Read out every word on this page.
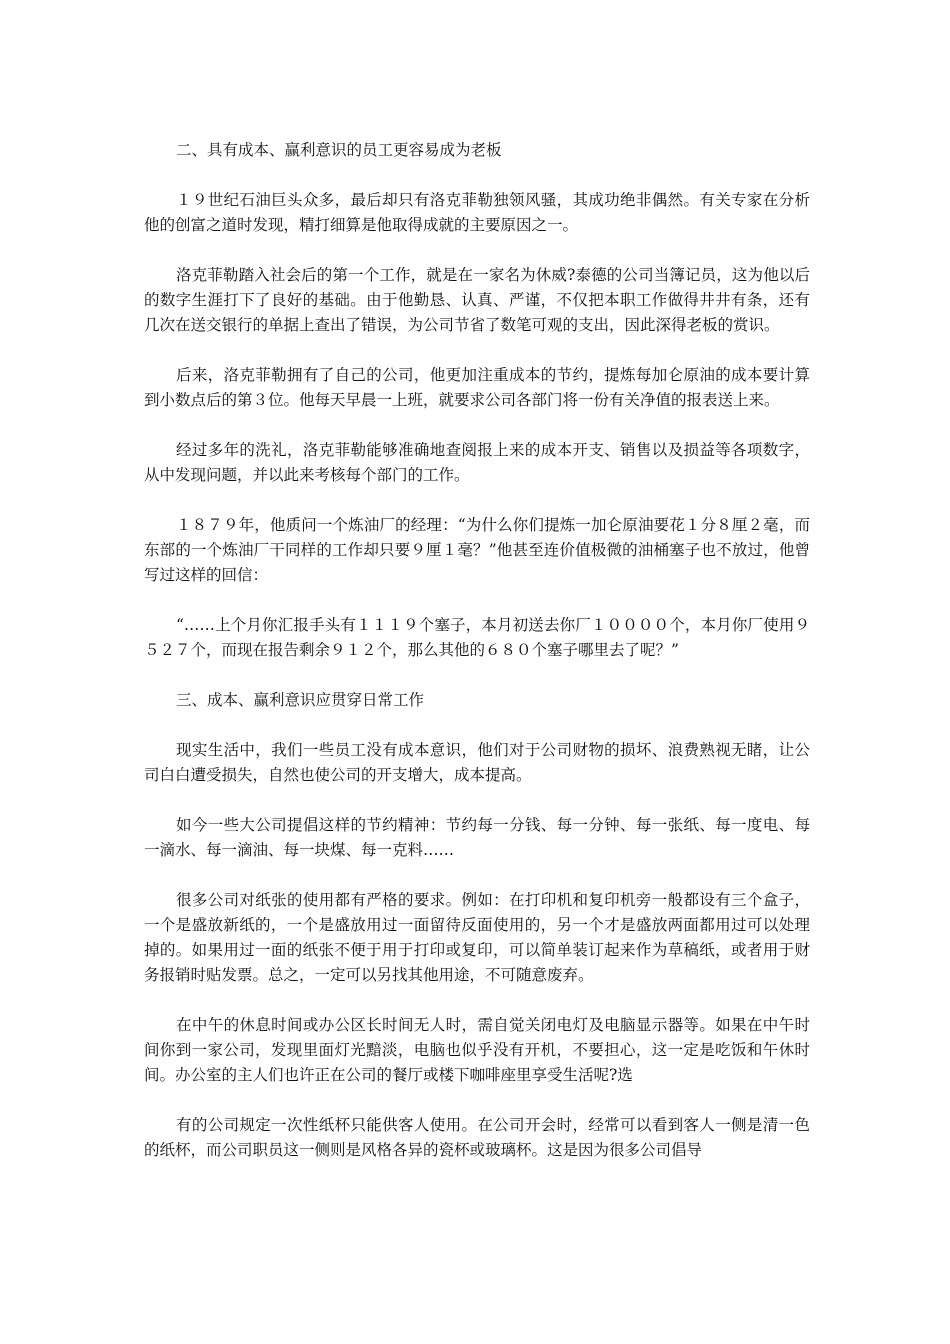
二、具有成本、赢利意识的员工更容易成为老板

１９世纪石油巨头众多，最后却只有洛克菲勒独领风骚，其成功绝非偶然。有关专家在分析他的创富之道时发现，精打细算是他取得成就的主要原因之一。

洛克菲勒踏入社会后的第一个工作，就是在一家名为休威?泰德的公司当簿记员，这为他以后的数字生涯打下了良好的基础。由于他勤恳、认真、严谨，不仅把本职工作做得井井有条，还有几次在送交银行的单据上查出了错误，为公司节省了数笔可观的支出，因此深得老板的赏识。

后来，洛克菲勒拥有了自己的公司，他更加注重成本的节约，提炼每加仑原油的成本要计算到小数点后的第３位。他每天早晨一上班，就要求公司各部门将一份有关净值的报表送上来。

经过多年的洗礼，洛克菲勒能够准确地查阅报上来的成本开支、销售以及损益等各项数字，从中发现问题，并以此来考核每个部门的工作。

１８７９年，他质问一个炼油厂的经理：“为什么你们提炼一加仑原油要花１分８厘２毫，而东部的一个炼油厂干同样的工作却只要９厘１毫？”他甚至连价值极微的油桶塞子也不放过，他曾写过这样的回信：

“……上个月你汇报手头有１１１９个塞子，本月初送去你厂１００００个，本月你厂使用９５２７个，而现在报告剩余９１２个，那么其他的６８０个塞子哪里去了呢？”

三、成本、赢利意识应贯穿日常工作

现实生活中，我们一些员工没有成本意识，他们对于公司财物的损坏、浪费熟视无睹，让公司白白遭受损失，自然也使公司的开支增大，成本提高。

如今一些大公司提倡这样的节约精神：节约每一分钱、每一分钟、每一张纸、每一度电、每一滴水、每一滴油、每一块煤、每一克料……

很多公司对纸张的使用都有严格的要求。例如：在打印机和复印机旁一般都设有三个盒子，一个是盛放新纸的，一个是盛放用过一面留待反面使用的，另一个才是盛放两面都用过可以处理掉的。如果用过一面的纸张不便于用于打印或复印，可以简单装订起来作为草稿纸，或者用于财务报销时贴发票。总之，一定可以另找其他用途，不可随意废弃。

在中午的休息时间或办公区长时间无人时，需自觉关闭电灯及电脑显示器等。如果在中午时间你到一家公司，发现里面灯光黯淡，电脑也似乎没有开机，不要担心，这一定是吃饭和午休时间。办公室的主人们也许正在公司的餐厅或楼下咖啡座里享受生活呢?选

有的公司规定一次性纸杯只能供客人使用。在公司开会时，经常可以看到客人一侧是清一色的纸杯，而公司职员这一侧则是风格各异的瓷杯或玻璃杯。这是因为很多公司倡导
